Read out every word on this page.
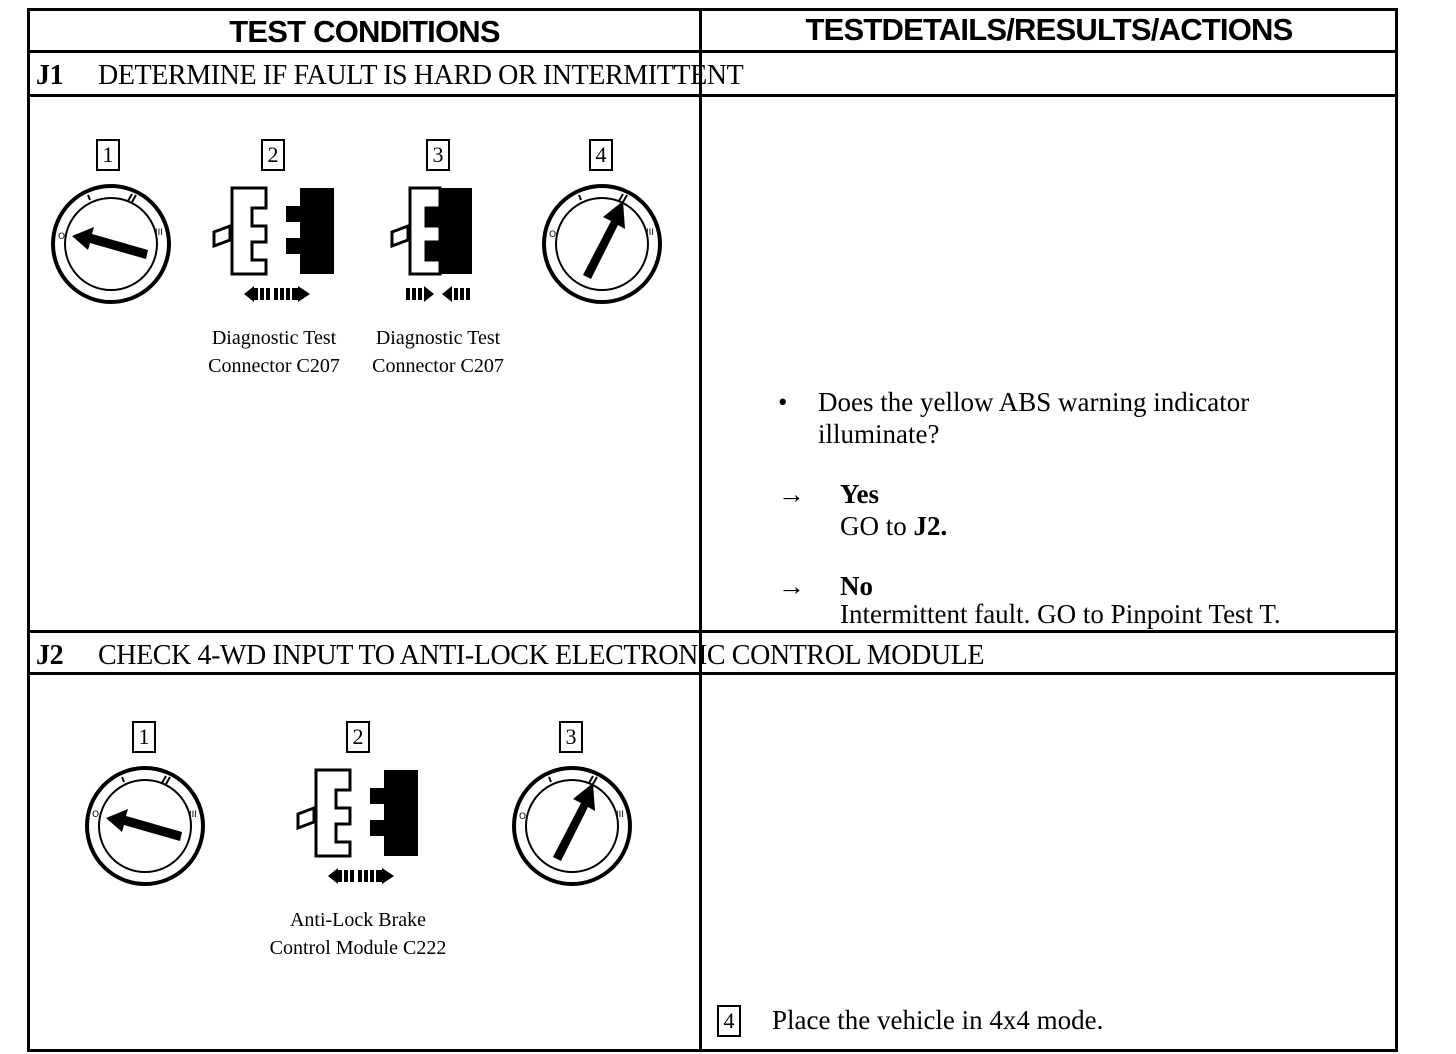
TEST CONDITIONS	TESTDETAILS/RESULTS/ACTIONS
J1 DETERMINE IF FAULT IS HARD OR INTERMITTENT
1	2	3	4
O	III	O	III
Diagnostic Test
Connector C207
Diagnostic Test
Connector C207
• Does the yellow ABS warning indicator
illuminate?
→ Yes
GO to J2.
→ No
Intermittent fault. GO to Pinpoint Test T.
J2 CHECK 4-WD INPUT TO ANTI-LOCK ELECTRONIC CONTROL MODULE
1	2	3
O	III	O	III
Anti-Lock Brake
Control Module C222
4 Place the vehicle in 4x4 mode.
